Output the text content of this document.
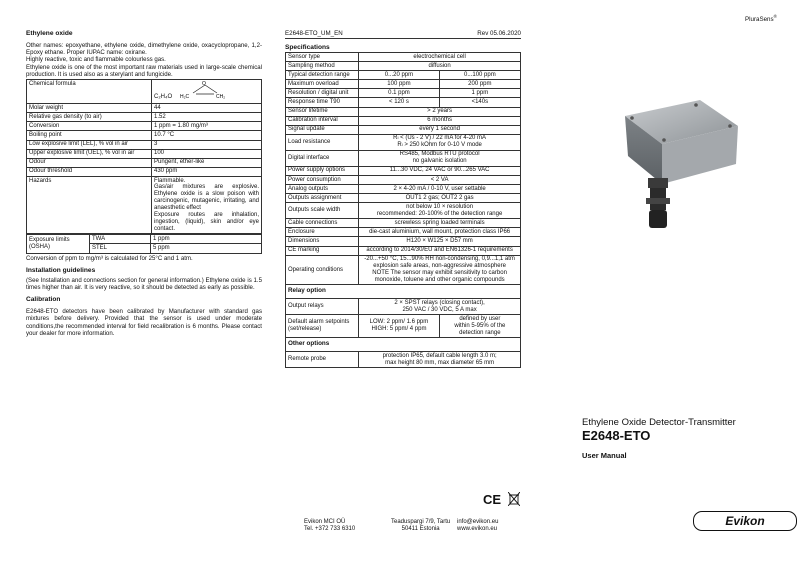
Ethylene oxide

Other names: epoxyethane, ethylene oxide, dimethylene oxide, oxacyclopropane, 1,2-Epoxy ethane. Proper IUPAC name: oxirane.

Highly reactive, toxic and flammable colourless gas.

Ethylene oxide is one of the most important raw materials used in large-scale chemical production. It is used also as a sterylant and fungicide.

Chemical formula	O
H₂C CH₂
C₂H₄O

Molar weight	44
Relative gas density (to air)	1.52
Conversion	1 ppm = 1.80 mg/m³
Boiling point	10.7 °C
Low explosive limit (LEL), % vol in air	3
Upper explosive limit (UEL), % vol in air	100
Odour	Pungent, ether-like
Odour threshold	430 ppm
Hazards	Flammable.
Gas/air mixtures are explosive. Ethylene oxide is a slow poison with carcinogenic, mutagenic, irritating, and anaesthetic effect
Exposure routes are inhalation, ingestion, (liquid), skin and/or eye contact.
Exposure limits (OSHA)	TWA	1 ppm
	STEL	5 ppm

Conversion of ppm to mg/m³ is calculated for 25°C and 1 atm.

Installation guidelines

(See Installation and connections section for general information.) Ethylene oxide is 1.5 times higher than air. It is very reactive, so it should be detected as early as possible.

Calibration

E2648-ETO detectors have been calibrated by Manufacturer with standard gas mixtures before delivery. Provided that the sensor is used under moderate conditions,the recommended interval for field recalibration is 6 months. Please contact your dealer for more information.

E2648-ETO_UM_EN	Rev 05.06.2020

Specifications

Sensor type	electrochemical cell	
Sampling method	diffusion	
Typical detection range	0...20 ppm	0...100 ppm
Maximum overload	100 ppm	200 ppm
Resolution / digital unit	0.1 ppm	1 ppm
Response time T90	< 120 s	<140s
Sensor lifetime	> 2 years	
Calibration interval	6 months	
Signal update	every 1 second	
Load resistance	Rₗ < (Us - 2 V) / 22 mA for 4-20 mA
Rₗ > 250 kOhm for 0-10 V mode	
Digital interface	RS485, Modbus RTU protocol
no galvanic isolation	
Power supply options	11...30 VDC, 24 VAC or 90...265 VAC	
Power consumption	< 2 VA	
Analog outputs	2 × 4-20 mA / 0-10 V, user settable	
Outputs assignment	OUT1 2 gas; OUT2 2 gas	
Outputs scale width	not below 10 × resolution
recommended: 20-100% of the detection range	
Cable connections	screwless spring loaded terminals	
Enclosure	die-cast aluminium, wall mount, protection class IP66	
Dimensions	H120 × W125 × D57 mm	
CE marking	according to 2014/30/EU and EN61326-1 requirements	
Operating conditions	-20...+50 °C, 15...90% RH non-condensing, 0,9...1,1 atm
explosion safe areas, non-aggressive atmosphere
NOTE The sensor may exhibit sensitivity to carbon
monoxide, toluene and other organic compounds	
Relay option		
Output relays	2 × SPST relays (closing contact),
250 VAC / 30 VDC, 5 A max	
Default alarm setpoints
(set/release)	LOW: 2 ppm/ 1.6 ppm
HIGH: 5 ppm/ 4 ppm	defined by user
within 5-95% of the
detection range
Other options		
Remote probe	protection IP65, default cable length 3.0 m;
max height 80 mm, max diameter 65 mm	
CE
Evikon MCI OÜ
Tel. +372 733 6310
Teaduspargi 7/9, Tartu
50411 Estonia
info@evikon.eu
www.evikon.eu
PluraSens®
Ethylene Oxide Detector-Transmitter
E2648-ETO
User Manual
Evikon
